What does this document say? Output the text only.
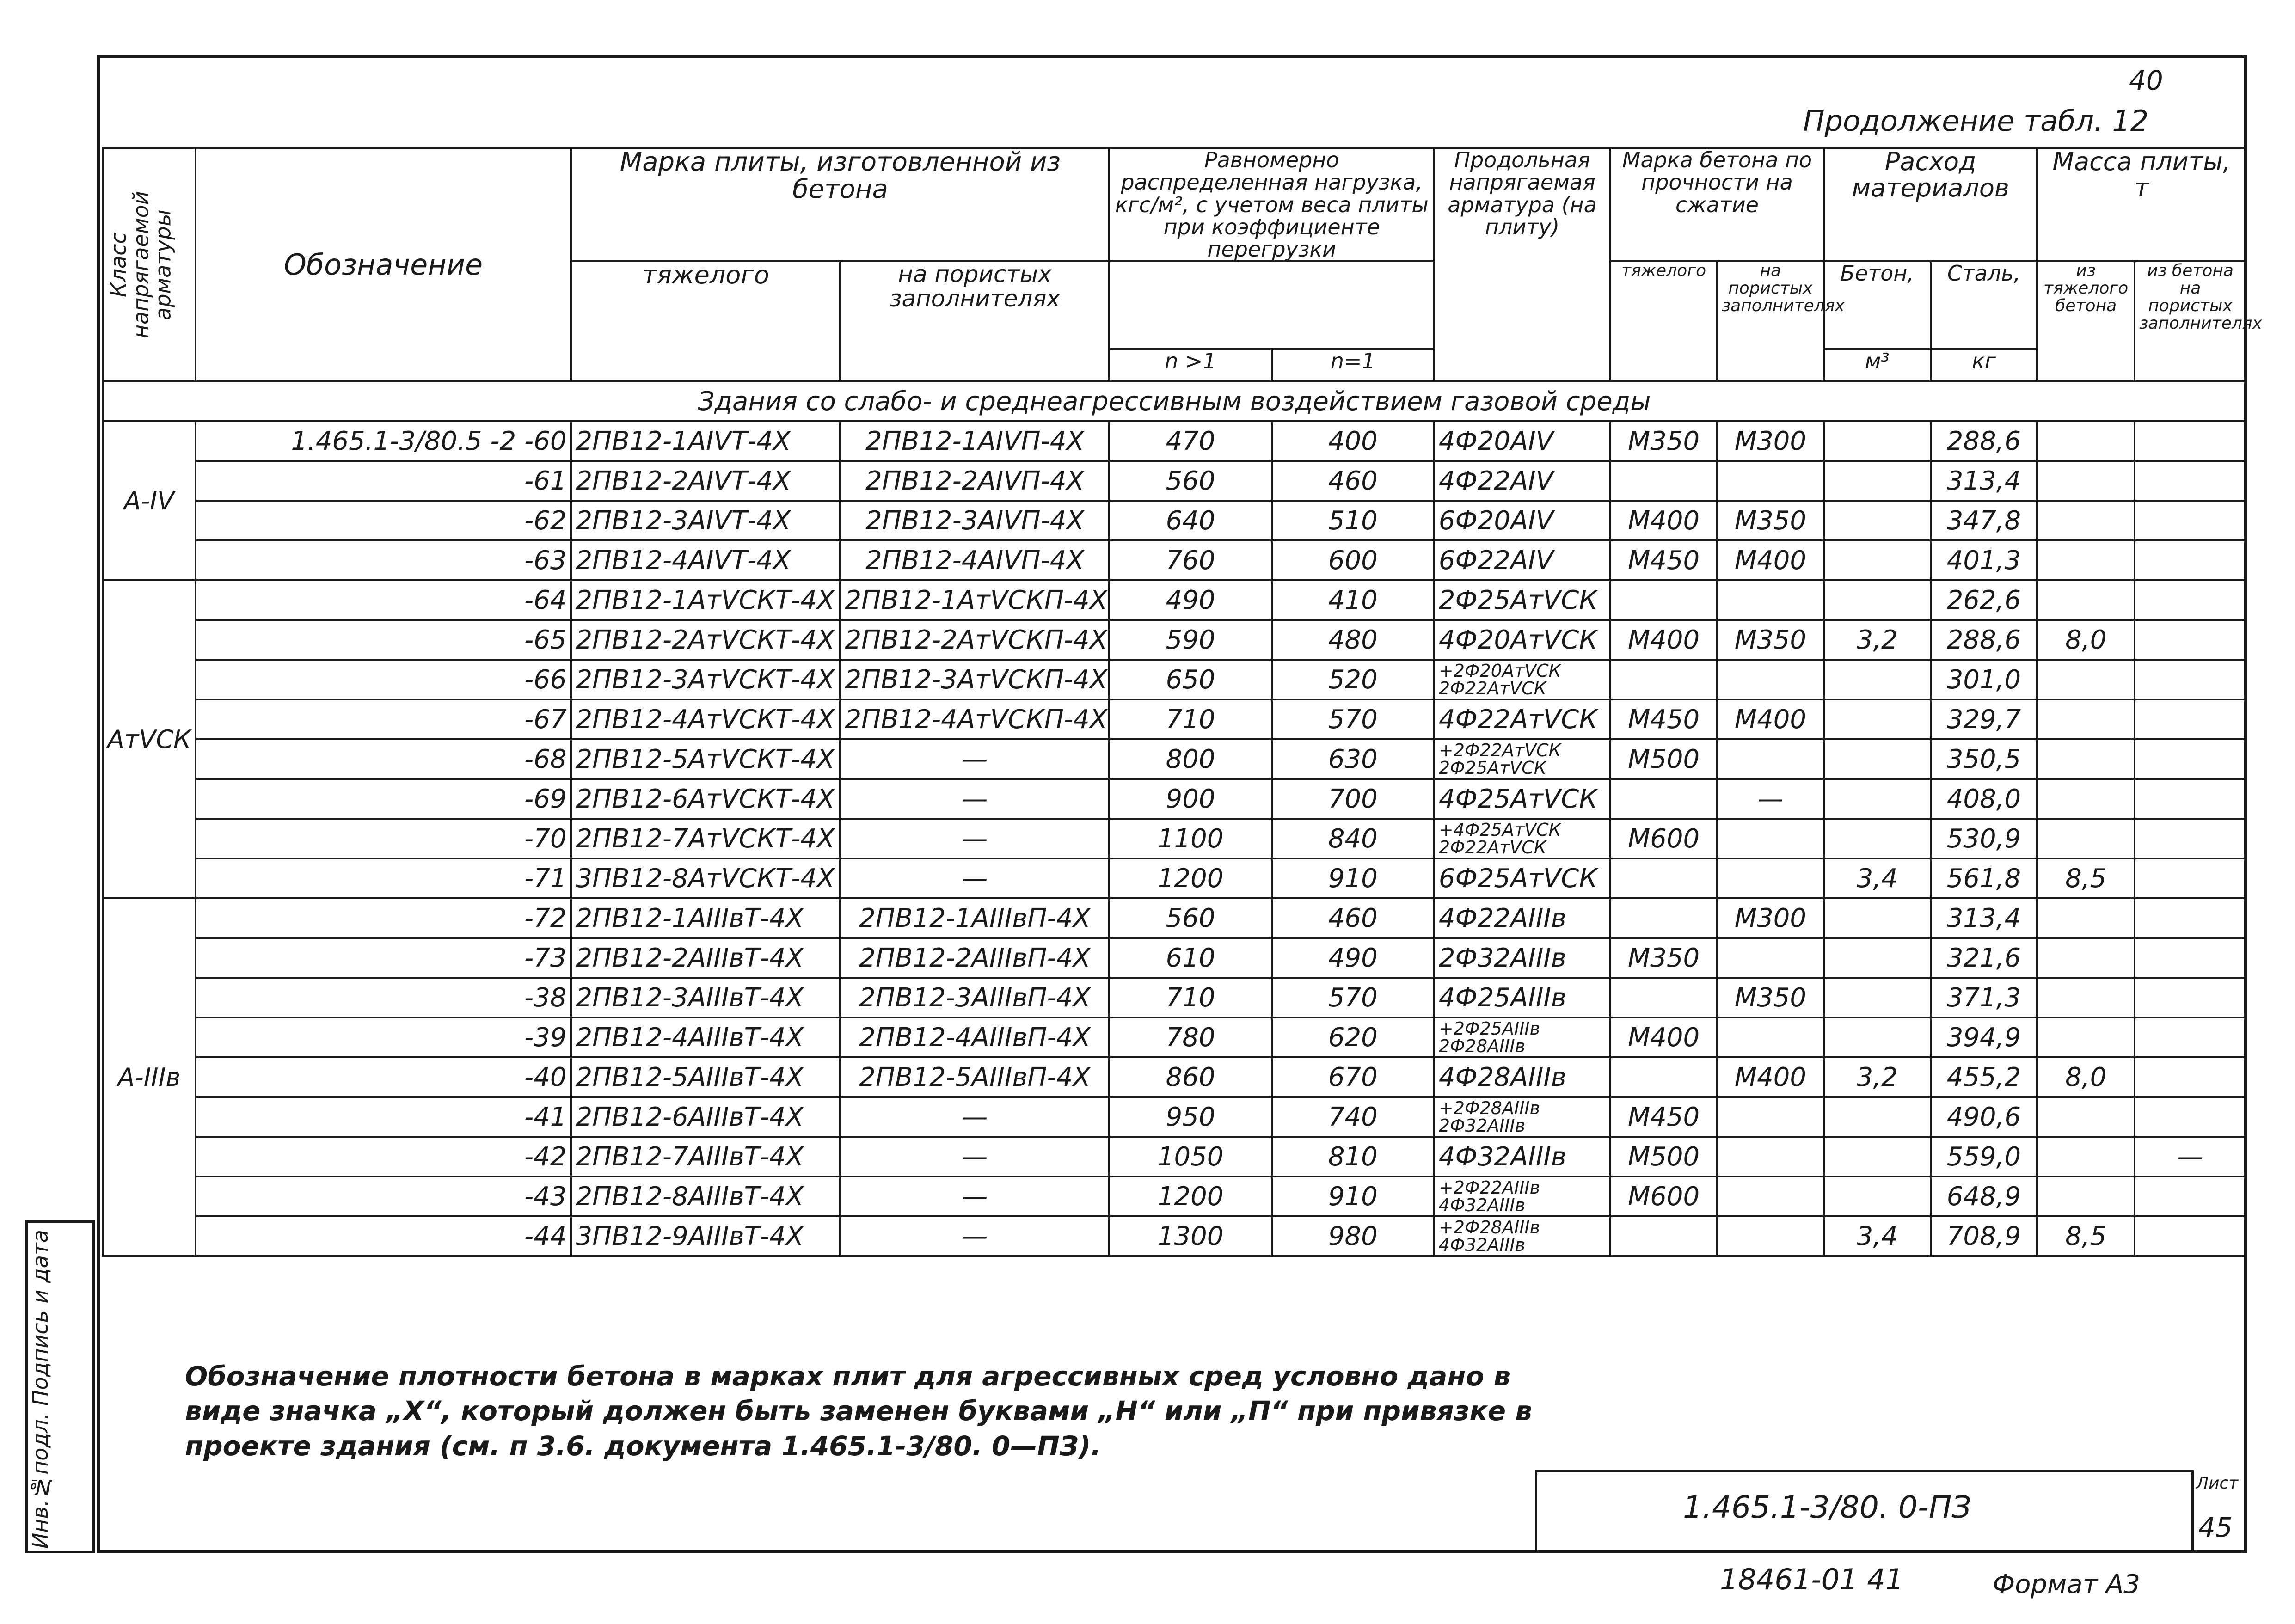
40
Продолжение табл. 12
Класс напрягаемой арматуры	Обозначение	Марка плиты, изготовленной из бетона		Равномерно распределенная нагрузка, кгс/м², с учетом веса плиты при коэффициенте перегрузки		Продольная напрягаемая арматура (на плиту)	Марка бетона по прочности на сжатие		Расход материалов		Масса плиты, т	
		тяжелого	на пористых заполнителях				тяжелого	на пористых заполнителях	Бетон,	Сталь,	из тяжелого бетона	из бетона на пористых заполнителях
				n >1	n=1				м³	кг		
Здания со слабо- и среднеагрессивным воздействием газовой среды												
А-IV	1.465.1-3/80.5 -2 -60	2ПВ12-1АIVТ-4Х	2ПВ12-1АIVП-4Х	470	400	4Ф20АIV	М350	М300		288,6		
	-61	2ПВ12-2АIVТ-4Х	2ПВ12-2АIVП-4Х	560	460	4Ф22АIV				313,4		
	-62	2ПВ12-3АIVТ-4Х	2ПВ12-3АIVП-4Х	640	510	6Ф20АIV	М400	М350		347,8		
	-63	2ПВ12-4АIVТ-4Х	2ПВ12-4АIVП-4Х	760	600	6Ф22АIV	М450	М400		401,3		
АтVСК	-64	2ПВ12-1АтVСКТ-4Х	2ПВ12-1АтVСКП-4Х	490	410	2Ф25АтVСК				262,6		
	-65	2ПВ12-2АтVСКТ-4Х	2ПВ12-2АтVСКП-4Х	590	480	4Ф20АтVСК	М400	М350	3,2	288,6	8,0	
	-66	2ПВ12-3АтVСКТ-4Х	2ПВ12-3АтVСКП-4Х	650	520	+2Ф20АтVСК 2Ф22АтVСК				301,0		
	-67	2ПВ12-4АтVСКТ-4Х	2ПВ12-4АтVСКП-4Х	710	570	4Ф22АтVСК	М450	М400		329,7		
	-68	2ПВ12-5АтVСКТ-4Х	—	800	630	+2Ф22АтVСК 2Ф25АтVСК	М500			350,5		
	-69	2ПВ12-6АтVСКТ-4Х	—	900	700	4Ф25АтVСК		—		408,0		
	-70	2ПВ12-7АтVСКТ-4Х	—	1100	840	+4Ф25АтVСК 2Ф22АтVСК	М600			530,9		
	-71	3ПВ12-8АтVСКТ-4Х	—	1200	910	6Ф25АтVСК			3,4	561,8	8,5	
А-IIIв	-72	2ПВ12-1АIIIвТ-4Х	2ПВ12-1АIIIвП-4Х	560	460	4Ф22АIIIв		М300		313,4		
	-73	2ПВ12-2АIIIвТ-4Х	2ПВ12-2АIIIвП-4Х	610	490	2Ф32АIIIв	М350			321,6		
	-38	2ПВ12-3АIIIвТ-4Х	2ПВ12-3АIIIвП-4Х	710	570	4Ф25АIIIв		М350		371,3		
	-39	2ПВ12-4АIIIвТ-4Х	2ПВ12-4АIIIвП-4Х	780	620	+2Ф25АIIIв 2Ф28АIIIв	М400			394,9		
	-40	2ПВ12-5АIIIвТ-4Х	2ПВ12-5АIIIвП-4Х	860	670	4Ф28АIIIв		М400	3,2	455,2	8,0	
	-41	2ПВ12-6АIIIвТ-4Х	—	950	740	+2Ф28АIIIв 2Ф32АIIIв	М450			490,6		
	-42	2ПВ12-7АIIIвТ-4Х	—	1050	810	4Ф32АIIIв	М500			559,0		—
	-43	2ПВ12-8АIIIвТ-4Х	—	1200	910	+2Ф22АIIIв 4Ф32АIIIв	М600			648,9		
	-44	3ПВ12-9АIIIвТ-4Х	—	1300	980	+2Ф28АIIIв 4Ф32АIIIв			3,4	708,9	8,5	
Обозначение плотности бетона в марках плит для агрессивных сред условно дано в виде значка „Х“, который должен быть заменен буквами „Н“ или „П“ при привязке в проекте здания (см. п 3.6. документа 1.465.1-3/80. 0—ПЗ).
1.465.1-3/80. 0-ПЗ
Лист
45
Инв.№подл. Подпись и дата
18461-01 41	Формат А3
